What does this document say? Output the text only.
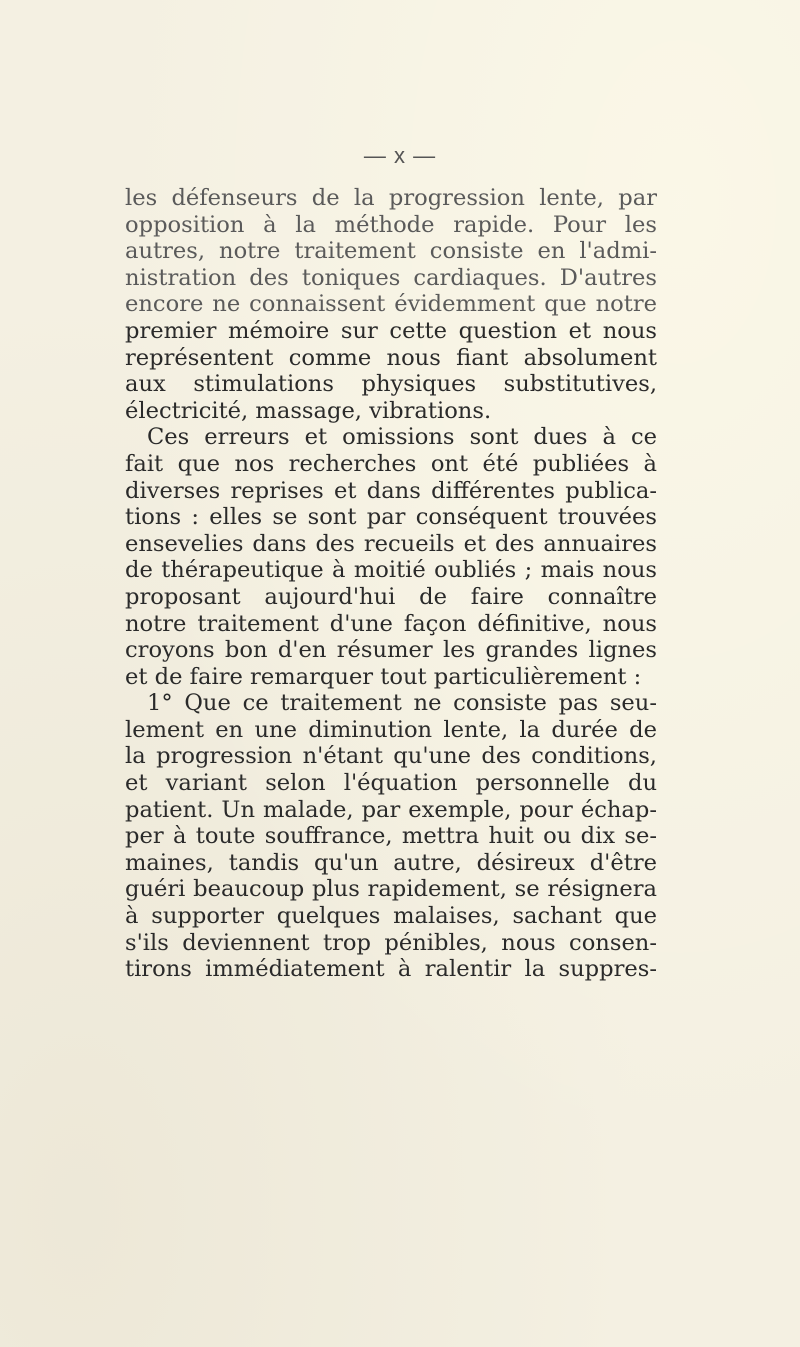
— x —
les défenseurs de la progression lente, par
opposition à la méthode rapide. Pour les
autres, notre traitement consiste en l'admi-
nistration des toniques cardiaques. D'autres
encore ne connaissent évidemment que notre
premier mémoire sur cette question et nous
représentent comme nous fiant absolument
aux stimulations physiques substitutives,
électricité, massage, vibrations.
Ces erreurs et omissions sont dues à ce
fait que nos recherches ont été publiées à
diverses reprises et dans différentes publica-
tions : elles se sont par conséquent trouvées
ensevelies dans des recueils et des annuaires
de thérapeutique à moitié oubliés ; mais nous
proposant aujourd'hui de faire connaître
notre traitement d'une façon définitive, nous
croyons bon d'en résumer les grandes lignes
et de faire remarquer tout particulièrement :
1° Que ce traitement ne consiste pas seu-
lement en une diminution lente, la durée de
la progression n'étant qu'une des conditions,
et variant selon l'équation personnelle du
patient. Un malade, par exemple, pour échap-
per à toute souffrance, mettra huit ou dix se-
maines, tandis qu'un autre, désireux d'être
guéri beaucoup plus rapidement, se résignera
à supporter quelques malaises, sachant que
s'ils deviennent trop pénibles, nous consen-
tirons immédiatement à ralentir la suppres-
